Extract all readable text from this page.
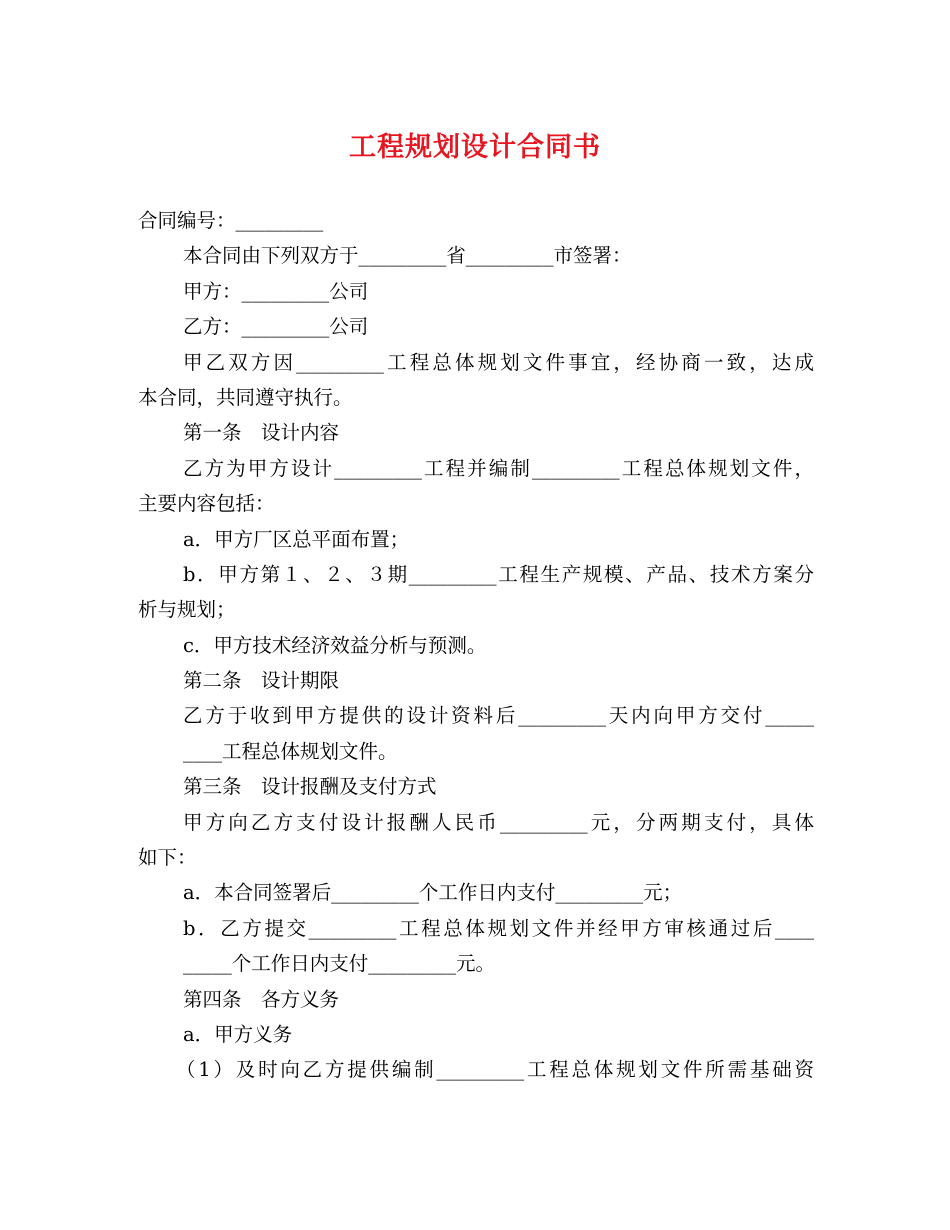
工程规划设计合同书
合同编号：_________
本合同由下列双方于_________省_________市签署：
甲方：_________公司
乙方：_________公司
甲乙双方因_________工程总体规划文件事宜，经协商一致，达成
本合同，共同遵守执行。
第一条　设计内容
乙方为甲方设计_________工程并编制_________工程总体规划文件，
主要内容包括：
a．甲方厂区总平面布置；
b．甲方第１、２、３期_________工程生产规模、产品、技术方案分
析与规划；
c．甲方技术经济效益分析与预测。
第二条　设计期限
乙方于收到甲方提供的设计资料后_________天内向甲方交付_____
____工程总体规划文件。
第三条　设计报酬及支付方式
甲方向乙方支付设计报酬人民币_________元，分两期支付，具体
如下：
a．本合同签署后_________个工作日内支付_________元；
b．乙方提交_________工程总体规划文件并经甲方审核通过后____
_____个工作日内支付_________元。
第四条　各方义务
a．甲方义务
（1）及时向乙方提供编制_________工程总体规划文件所需基础资
